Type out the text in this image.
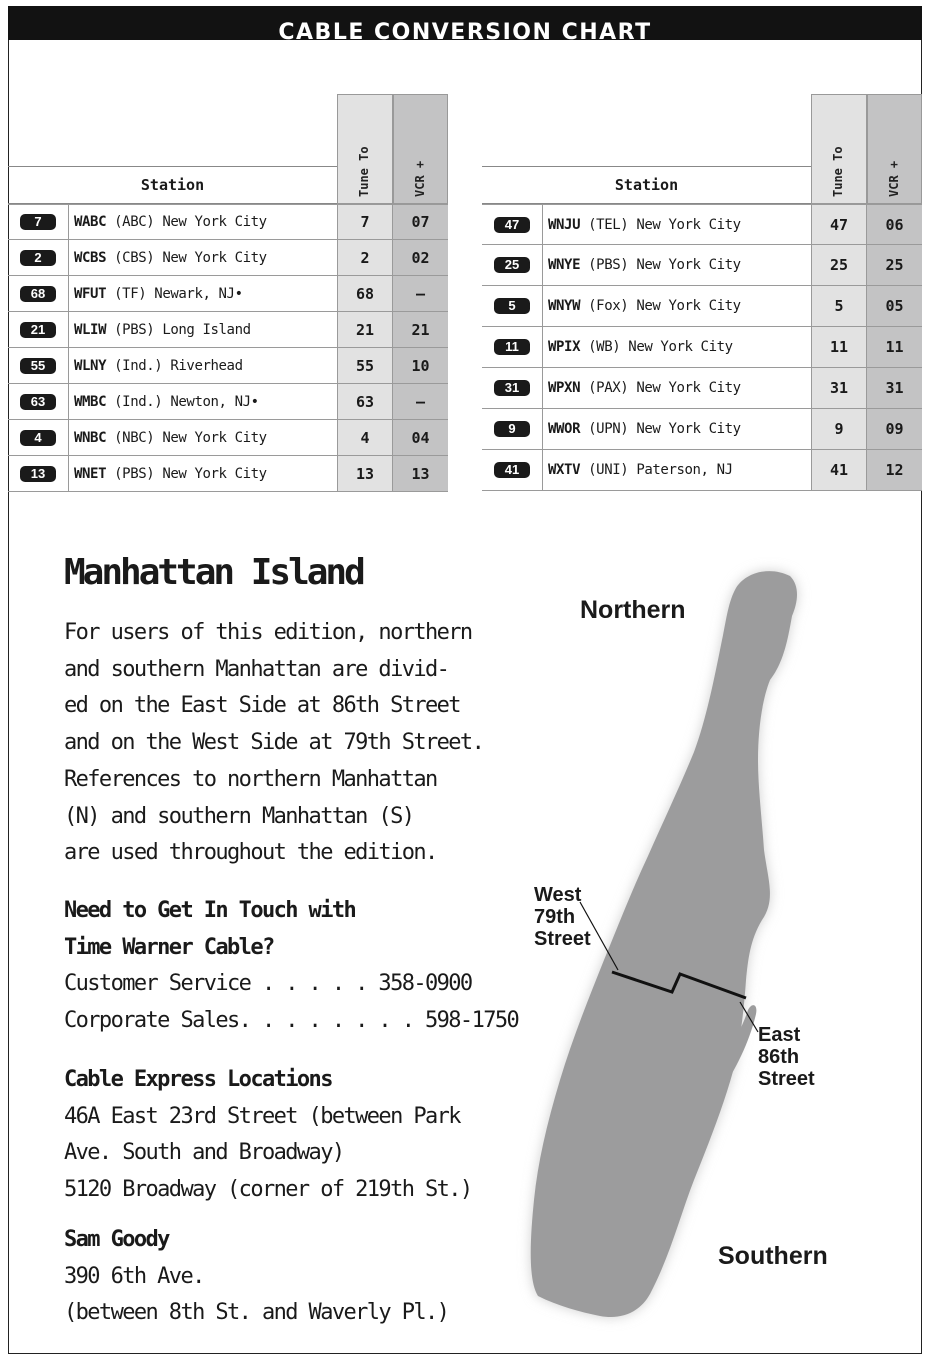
CABLE CONVERSION CHART
Station	Tune To	VCR +
7	WABC (ABC) New York City	7	07
2	WCBS (CBS) New York City	2	02
68	WFUT (TF) Newark, NJ•	68	–
21	WLIW (PBS) Long Island	21	21
55	WLNY (Ind.) Riverhead	55	10
63	WMBC (Ind.) Newton, NJ•	63	–
4	WNBC (NBC) New York City	4	04
13	WNET (PBS) New York City	13	13
Station	Tune To	VCR +
47	WNJU (TEL) New York City	47	06
25	WNYE (PBS) New York City	25	25
5	WNYW (Fox) New York City	5	05
11	WPIX (WB) New York City	11	11
31	WPXN (PAX) New York City	31	31
9	WWOR (UPN) New York City	9	09
41	WXTV (UNI) Paterson, NJ	41	12
Manhattan Island
For users of this edition, northern
and southern Manhattan are divid-
ed on the East Side at 86th Street
and on the West Side at 79th Street.
References to northern Manhattan
(N) and southern Manhattan (S)
are used throughout the edition.
Need to Get In Touch with
Time Warner Cable?
Customer Service . . . . . 358-0900
Corporate Sales. . . . . . . . 598-1750
Cable Express Locations
46A East 23rd Street (between Park
Ave. South and Broadway)
5120 Broadway (corner of 219th St.)
Sam Goody
390 6th Ave.
(between 8th St. and Waverly Pl.)
Northern
Southern
West
79th
Street
East
86th
Street
